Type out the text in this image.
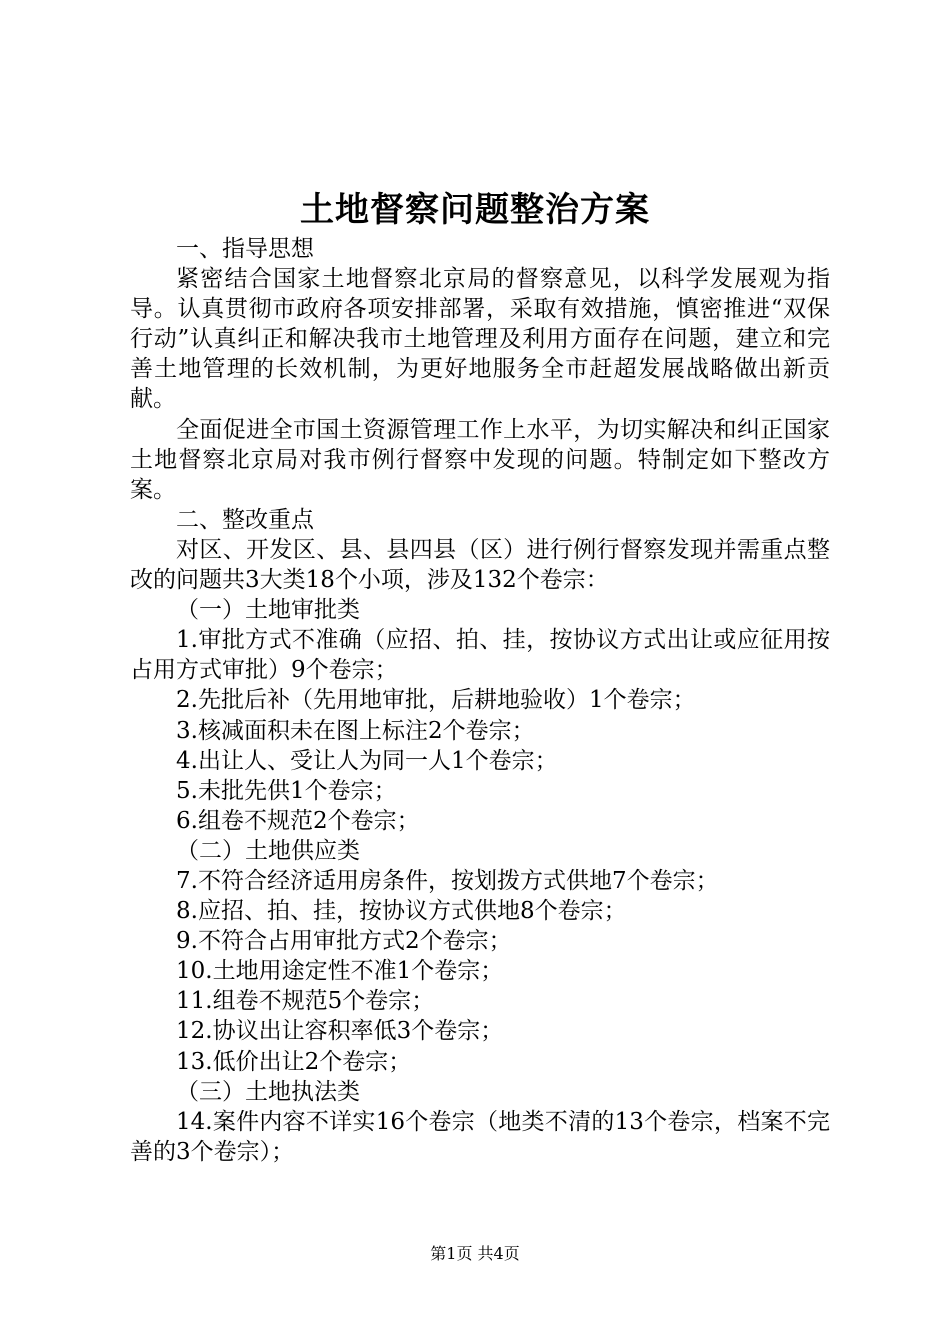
土地督察问题整治方案

一、指导思想

紧密结合国家土地督察北京局的督察意见，以科学发展观为指导。认真贯彻市政府各项安排部署，采取有效措施，慎密推进“双保行动”认真纠正和解决我市土地管理及利用方面存在问题，建立和完善土地管理的长效机制，为更好地服务全市赶超发展战略做出新贡献。

全面促进全市国土资源管理工作上水平，为切实解决和纠正国家土地督察北京局对我市例行督察中发现的问题。特制定如下整改方案。

二、整改重点

对区、开发区、县、县四县（区）进行例行督察发现并需重点整改的问题共3大类18个小项，涉及132个卷宗：

（一）土地审批类

1.审批方式不准确（应招、拍、挂，按协议方式出让或应征用按占用方式审批）9个卷宗；

2.先批后补（先用地审批，后耕地验收）1个卷宗；

3.核减面积未在图上标注2个卷宗；

4.出让人、受让人为同一人1个卷宗；

5.未批先供1个卷宗；

6.组卷不规范2个卷宗；

（二）土地供应类

7.不符合经济适用房条件，按划拨方式供地7个卷宗；

8.应招、拍、挂，按协议方式供地8个卷宗；

9.不符合占用审批方式2个卷宗；

10.土地用途定性不准1个卷宗；

11.组卷不规范5个卷宗；

12.协议出让容积率低3个卷宗；

13.低价出让2个卷宗；

（三）土地执法类

14.案件内容不详实16个卷宗（地类不清的13个卷宗，档案不完善的3个卷宗）；

第1页 共4页
